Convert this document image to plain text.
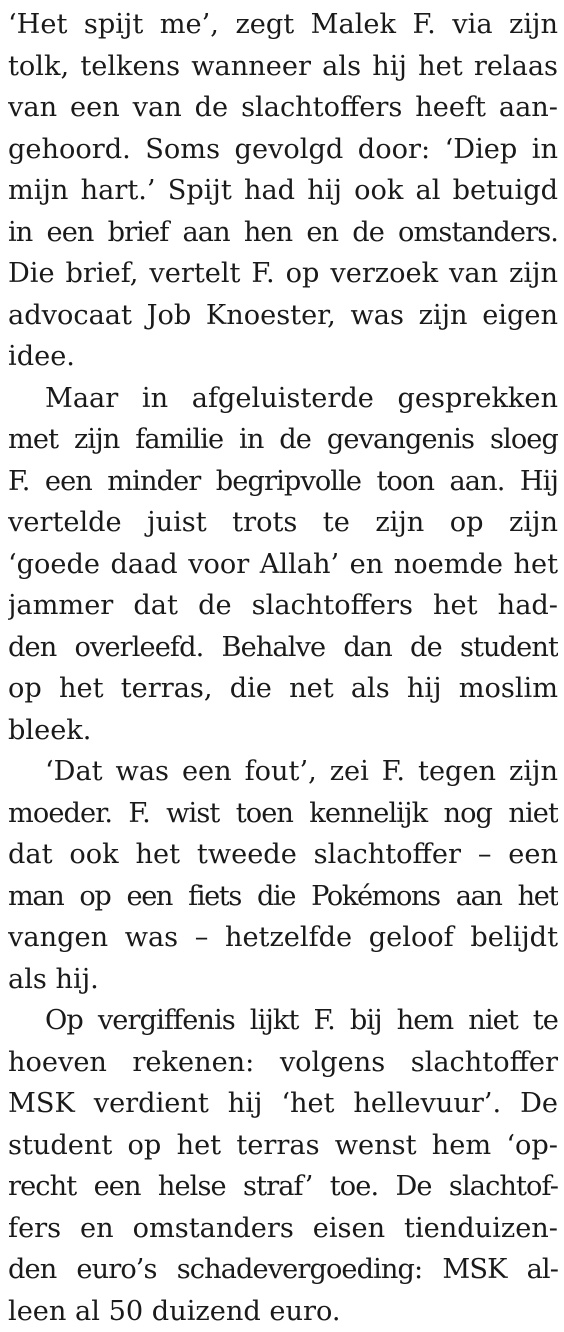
‘Het spijt me’, zegt Malek F. via zijn
tolk, telkens wanneer als hij het relaas
van een van de slachtoffers heeft aan-
gehoord. Soms gevolgd door: ‘Diep in
mijn hart.’ Spijt had hij ook al betuigd
in een brief aan hen en de omstanders.
Die brief, vertelt F. op verzoek van zijn
advocaat Job Knoester, was zijn eigen
idee.
Maar in afgeluisterde gesprekken
met zijn familie in de gevangenis sloeg
F. een minder begripvolle toon aan. Hij
vertelde juist trots te zijn op zijn
‘goede daad voor Allah’ en noemde het
jammer dat de slachtoffers het had-
den overleefd. Behalve dan de student
op het terras, die net als hij moslim
bleek.
‘Dat was een fout’, zei F. tegen zijn
moeder. F. wist toen kennelijk nog niet
dat ook het tweede slachtoffer – een
man op een fiets die Pokémons aan het
vangen was – hetzelfde geloof belijdt
als hij.
Op vergiffenis lijkt F. bij hem niet te
hoeven rekenen: volgens slachtoffer
MSK verdient hij ‘het hellevuur’. De
student op het terras wenst hem ‘op-
recht een helse straf’ toe. De slachtof-
fers en omstanders eisen tienduizen-
den euro’s schadevergoeding: MSK al-
leen al 50 duizend euro.
